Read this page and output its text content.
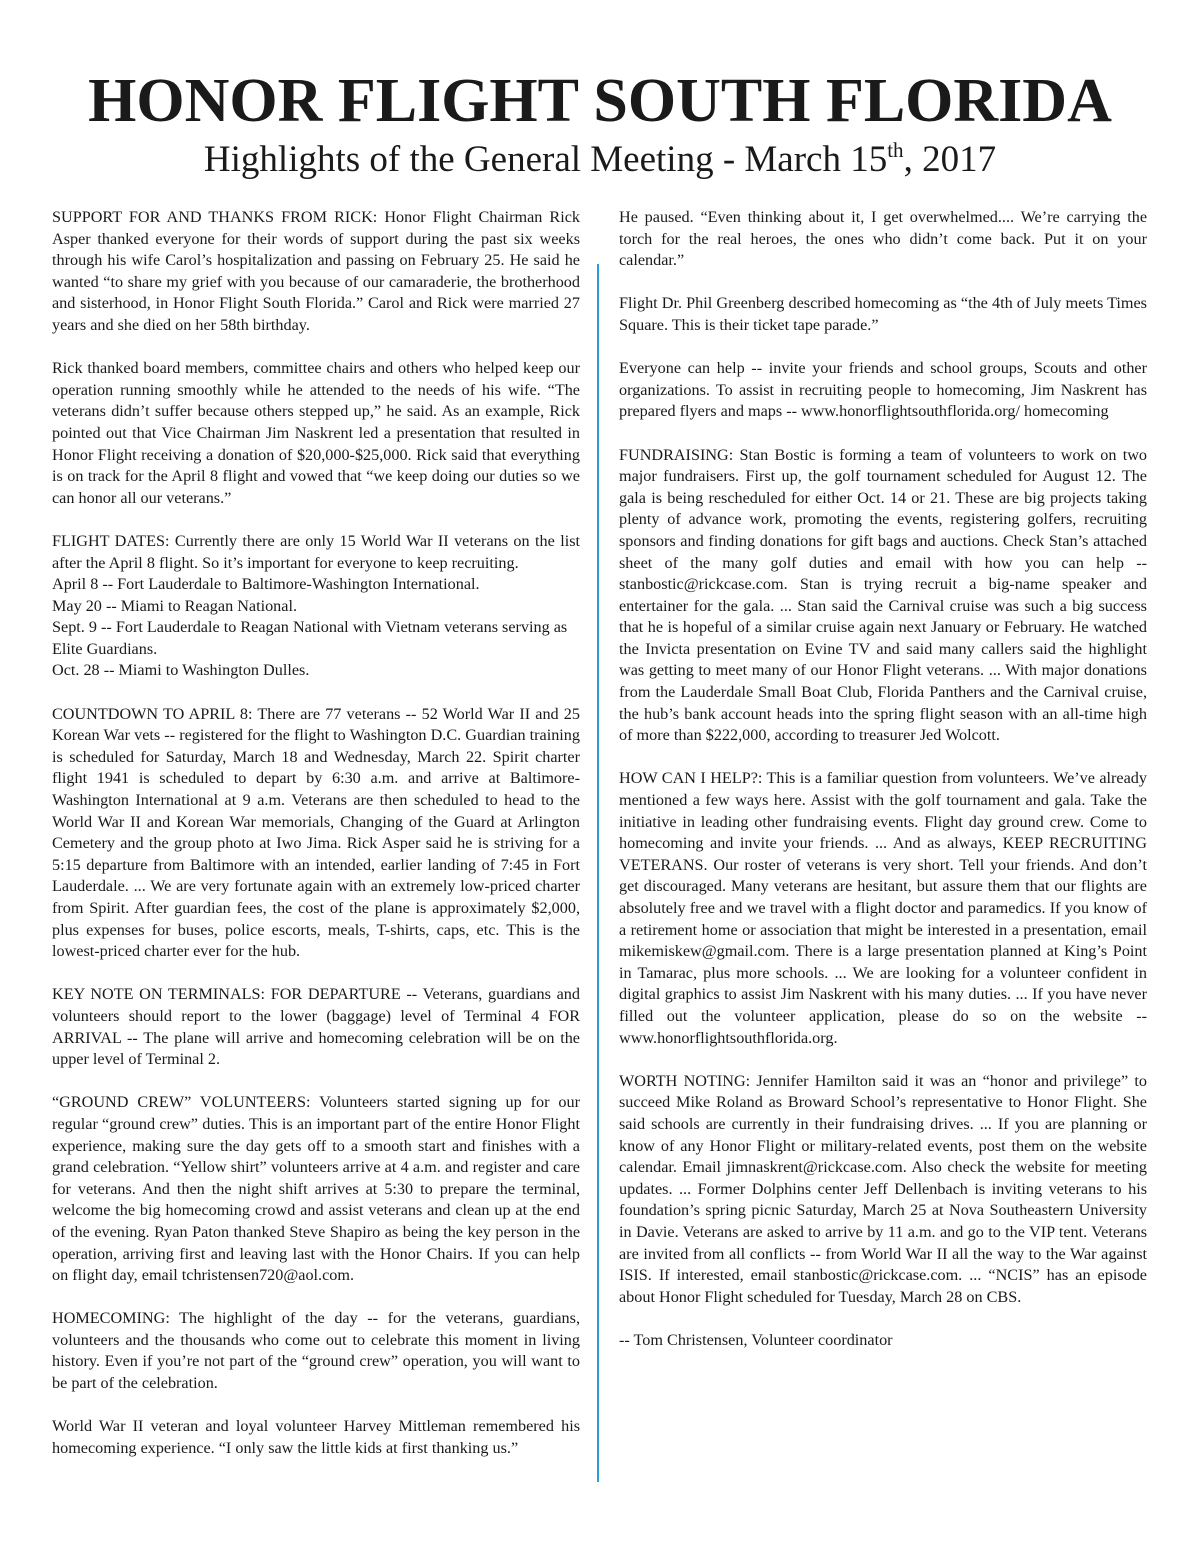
HONOR FLIGHT SOUTH FLORIDA
Highlights of the General Meeting - March 15th, 2017

SUPPORT FOR AND THANKS FROM RICK: Honor Flight Chairman Rick Asper thanked everyone for their words of support during the past six weeks through his wife Carol’s hospitalization and passing on February 25. He said he wanted “to share my grief with you because of our camaraderie, the brotherhood and sisterhood, in Honor Flight South Florida.” Carol and Rick were married 27 years and she died on her 58th birthday.

Rick thanked board members, committee chairs and others who helped keep our operation running smoothly while he attended to the needs of his wife. “The veterans didn’t suffer because others stepped up,” he said. As an example, Rick pointed out that Vice Chairman Jim Naskrent led a presentation that resulted in Honor Flight receiving a donation of $20,000-$25,000. Rick said that everything is on track for the April 8 flight and vowed that “we keep doing our duties so we can honor all our veterans.”

FLIGHT DATES: Currently there are only 15 World War II veterans on the list after the April 8 flight. So it’s important for everyone to keep recruiting.
April 8 -- Fort Lauderdale to Baltimore-Washington International.
May 20 -- Miami to Reagan National.
Sept. 9 -- Fort Lauderdale to Reagan National with Vietnam veterans serving as Elite Guardians.
Oct. 28 -- Miami to Washington Dulles.

COUNTDOWN TO APRIL 8: There are 77 veterans -- 52 World War II and 25 Korean War vets -- registered for the flight to Washington D.C. Guardian training is scheduled for Saturday, March 18 and Wednesday, March 22. Spirit charter flight 1941 is scheduled to depart by 6:30 a.m. and arrive at Baltimore-Washington International at 9 a.m. Veterans are then scheduled to head to the World War II and Korean War memorials, Changing of the Guard at Arlington Cemetery and the group photo at Iwo Jima. Rick Asper said he is striving for a 5:15 departure from Baltimore with an intended, earlier landing of 7:45 in Fort Lauderdale. ... We are very fortunate again with an extremely low-priced charter from Spirit. After guardian fees, the cost of the plane is approximately $2,000, plus expenses for buses, police escorts, meals, T-shirts, caps, etc. This is the lowest-priced charter ever for the hub.

KEY NOTE ON TERMINALS: FOR DEPARTURE -- Veterans, guardians and volunteers should report to the lower (baggage) level of Terminal 4 FOR ARRIVAL -- The plane will arrive and homecoming celebration will be on the upper level of Terminal 2.

“GROUND CREW” VOLUNTEERS: Volunteers started signing up for our regular “ground crew” duties. This is an important part of the entire Honor Flight experience, making sure the day gets off to a smooth start and finishes with a grand celebration. “Yellow shirt” volunteers arrive at 4 a.m. and register and care for veterans. And then the night shift arrives at 5:30 to prepare the terminal, welcome the big homecoming crowd and assist veterans and clean up at the end of the evening. Ryan Paton thanked Steve Shapiro as being the key person in the operation, arriving first and leaving last with the Honor Chairs. If you can help on flight day, email tchristensen720@aol.com.

HOMECOMING: The highlight of the day -- for the veterans, guardians, volunteers and the thousands who come out to celebrate this moment in living history. Even if you’re not part of the “ground crew” operation, you will want to be part of the celebration.

World War II veteran and loyal volunteer Harvey Mittleman remembered his homecoming experience. “I only saw the little kids at first thanking us.”

He paused. “Even thinking about it, I get overwhelmed.... We’re carrying the torch for the real heroes, the ones who didn’t come back. Put it on your calendar.”

Flight Dr. Phil Greenberg described homecoming as “the 4th of July meets Times Square. This is their ticket tape parade.”

Everyone can help -- invite your friends and school groups, Scouts and other organizations. To assist in recruiting people to homecoming, Jim Naskrent has prepared flyers and maps -- www.honorflightsouthflorida.org/ homecoming

FUNDRAISING: Stan Bostic is forming a team of volunteers to work on two major fundraisers. First up, the golf tournament scheduled for August 12. The gala is being rescheduled for either Oct. 14 or 21. These are big projects taking plenty of advance work, promoting the events, registering golfers, recruiting sponsors and finding donations for gift bags and auctions. Check Stan’s attached sheet of the many golf duties and email with how you can help -- stanbostic@rickcase.com. Stan is trying recruit a big-name speaker and entertainer for the gala. ... Stan said the Carnival cruise was such a big success that he is hopeful of a similar cruise again next January or February. He watched the Invicta presentation on Evine TV and said many callers said the highlight was getting to meet many of our Honor Flight veterans. ... With major donations from the Lauderdale Small Boat Club, Florida Panthers and the Carnival cruise, the hub’s bank account heads into the spring flight season with an all-time high of more than $222,000, according to treasurer Jed Wolcott.

HOW CAN I HELP?: This is a familiar question from volunteers. We’ve already mentioned a few ways here. Assist with the golf tournament and gala. Take the initiative in leading other fundraising events. Flight day ground crew. Come to homecoming and invite your friends. ... And as always, KEEP RECRUITING VETERANS. Our roster of veterans is very short. Tell your friends. And don’t get discouraged. Many veterans are hesitant, but assure them that our flights are absolutely free and we travel with a flight doctor and paramedics. If you know of a retirement home or association that might be interested in a presentation, email mikemiskew@gmail.com. There is a large presentation planned at King’s Point in Tamarac, plus more schools. ... We are looking for a volunteer confident in digital graphics to assist Jim Naskrent with his many duties. ... If you have never filled out the volunteer application, please do so on the website -- www.honorflightsouthflorida.org.

WORTH NOTING: Jennifer Hamilton said it was an “honor and privilege” to succeed Mike Roland as Broward School’s representative to Honor Flight. She said schools are currently in their fundraising drives. ... If you are planning or know of any Honor Flight or military-related events, post them on the website calendar. Email jimnaskrent@rickcase.com. Also check the website for meeting updates. ... Former Dolphins center Jeff Dellenbach is inviting veterans to his foundation’s spring picnic Saturday, March 25 at Nova Southeastern University in Davie. Veterans are asked to arrive by 11 a.m. and go to the VIP tent. Veterans are invited from all conflicts -- from World War II all the way to the War against ISIS. If interested, email stanbostic@rickcase.com. ... “NCIS” has an episode about Honor Flight scheduled for Tuesday, March 28 on CBS.

-- Tom Christensen, Volunteer coordinator
